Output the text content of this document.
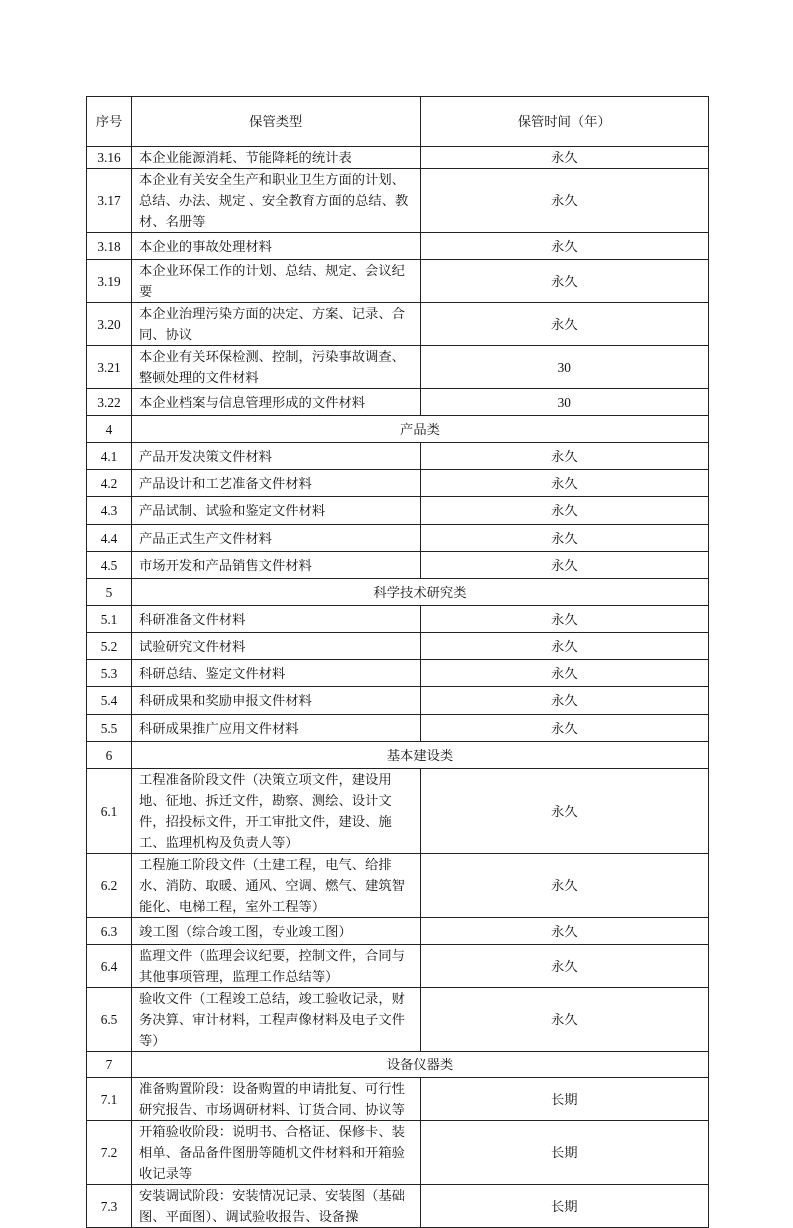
序号	保管类型	保管时间（年）
3.16	本企业能源消耗、节能降耗的统计表	永久
3.17	本企业有关安全生产和职业卫生方面的计划、总结、办法、规定 、安全教育方面的总结、教材、名册等	永久
3.18	本企业的事故处理材料	永久
3.19	本企业环保工作的计划、总结、规定、会议纪要	永久
3.20	本企业治理污染方面的决定、方案、记录、合同、协议	永久
3.21	本企业有关环保检测、控制，污染事故调查、整顿处理的文件材料	30
3.22	本企业档案与信息管理形成的文件材料	30
4	产品类	
4.1	产品开发决策文件材料	永久
4.2	产品设计和工艺准备文件材料	永久
4.3	产品试制、试验和鉴定文件材料	永久
4.4	产品正式生产文件材料	永久
4.5	市场开发和产品销售文件材料	永久
5	科学技术研究类	
5.1	科研准备文件材料	永久
5.2	试验研究文件材料	永久
5.3	科研总结、鉴定文件材料	永久
5.4	科研成果和奖励申报文件材料	永久
5.5	科研成果推广应用文件材料	永久
6	基本建设类	
6.1	工程准备阶段文件（决策立项文件，建设用地、征地、拆迁文件，勘察、测绘、设计文件，招投标文件，开工审批文件，建设、施工、监理机构及负责人等）	永久
6.2	工程施工阶段文件（土建工程，电气、给排水、消防、取暖、通风、空调、燃气、建筑智能化、电梯工程，室外工程等）	永久
6.3	竣工图（综合竣工图，专业竣工图）	永久
6.4	监理文件（监理会议纪要，控制文件，合同与其他事项管理，监理工作总结等）	永久
6.5	验收文件（工程竣工总结，竣工验收记录，财务决算、审计材料，工程声像材料及电子文件等）	永久
7	设备仪器类	
7.1	准备购置阶段：设备购置的申请批复、可行性研究报告、市场调研材料、订货合同、协议等	长期
7.2	开箱验收阶段：说明书、合格证、保修卡、装相单、备品备件图册等随机文件材料和开箱验收记录等	长期
7.3	安装调试阶段：安装情况记录、安装图（基础图、平面图）、调试验收报告、设备操	长期
